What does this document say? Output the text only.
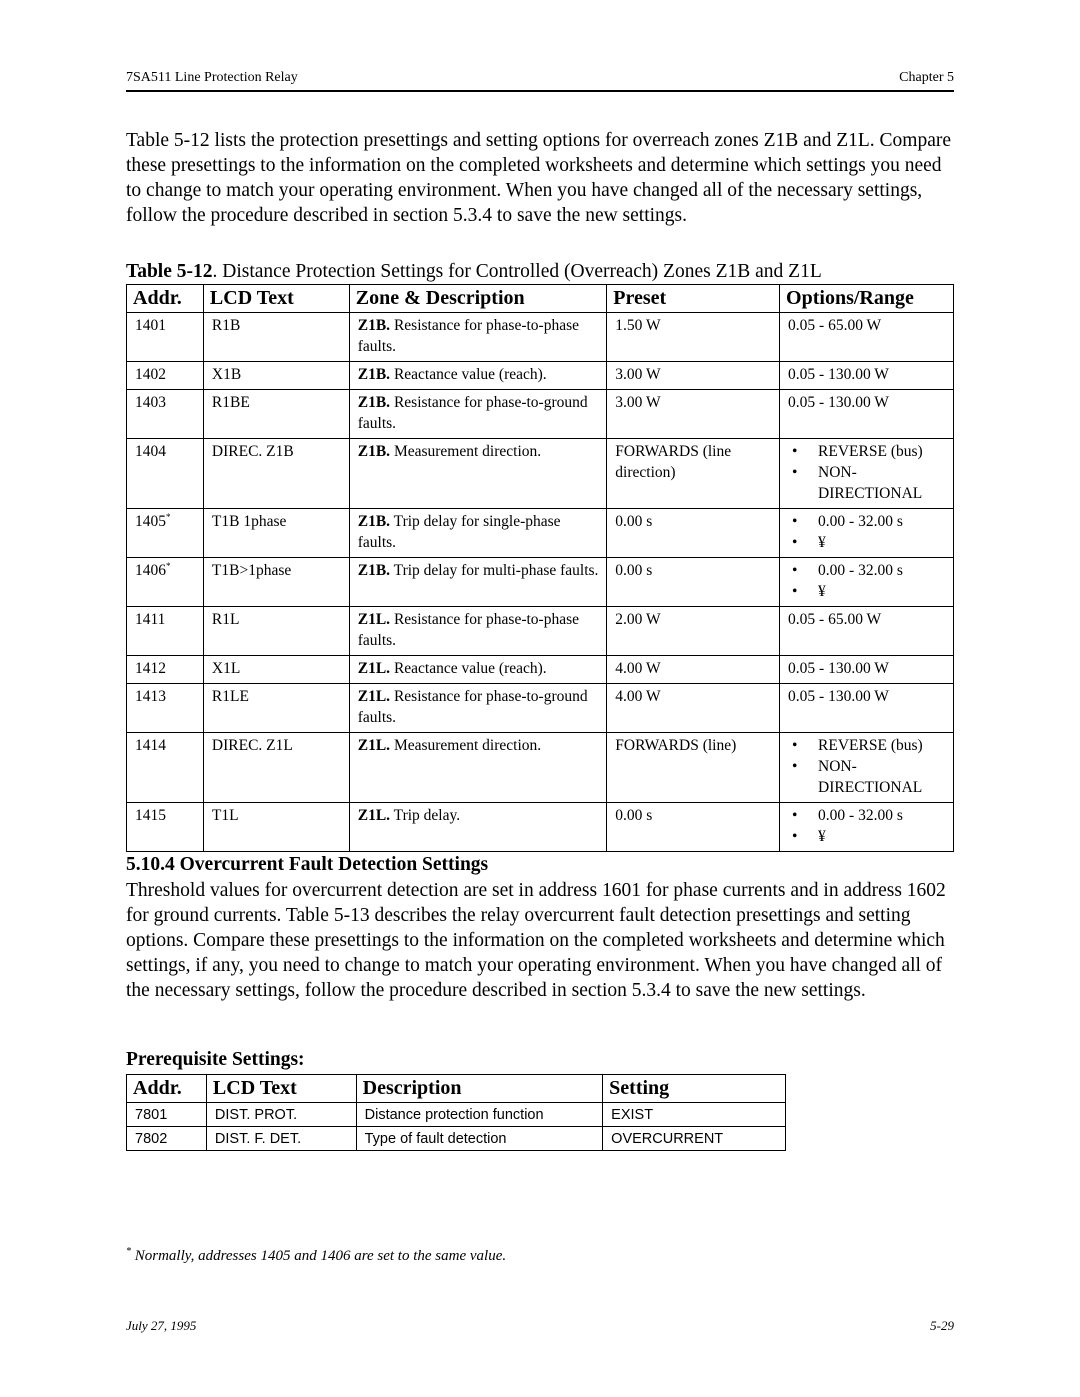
7SA511 Line Protection Relay	Chapter 5
Table 5-12 lists the protection presettings and setting options for overreach zones Z1B and Z1L. Compare these presettings to the information on the completed worksheets and determine which settings you need to change to match your operating environment. When you have changed all of the necessary settings, follow the procedure described in section 5.3.4 to save the new settings.
Table 5-12. Distance Protection Settings for Controlled (Overreach) Zones Z1B and Z1L
Addr.	LCD Text	Zone & Description	Preset	Options/Range
1401	R1B	Z1B. Resistance for phase-to-phase faults.	1.50 W	0.05 - 65.00 W

1402	X1B	Z1B. Reactance value (reach).	3.00 W	0.05 - 130.00 W

1403	R1BE	Z1B. Resistance for phase-to-ground faults.	3.00 W	0.05 - 130.00 W

1404	DIREC. Z1B	Z1B. Measurement direction.	FORWARDS (line direction)	• REVERSE (bus)
• NON-DIRECTIONAL

1405*	T1B 1phase	Z1B. Trip delay for single-phase faults.	0.00 s	• 0.00 - 32.00 s
• ¥

1406*	T1B>1phase	Z1B. Trip delay for multi-phase faults.	0.00 s	• 0.00 - 32.00 s
• ¥

1411	R1L	Z1L. Resistance for phase-to-phase faults.	2.00 W	0.05 - 65.00 W

1412	X1L	Z1L. Reactance value (reach).	4.00 W	0.05 - 130.00 W

1413	R1LE	Z1L. Resistance for phase-to-ground faults.	4.00 W	0.05 - 130.00 W

1414	DIREC. Z1L	Z1L. Measurement direction.	FORWARDS (line)	• REVERSE (bus)
• NON-DIRECTIONAL

1415	T1L	Z1L. Trip delay.	0.00 s	• 0.00 - 32.00 s
• ¥
5.10.4 Overcurrent Fault Detection Settings
Threshold values for overcurrent detection are set in address 1601 for phase currents and in address 1602 for ground currents. Table 5-13 describes the relay overcurrent fault detection presettings and setting options. Compare these presettings to the information on the completed worksheets and determine which settings, if any, you need to change to match your operating environment. When you have changed all of the necessary settings, follow the procedure described in section 5.3.4 to save the new settings.
Prerequisite Settings:
Addr.	LCD Text	Description	Setting
7801	DIST. PROT.	Distance protection function	EXIST
7802	DIST. F. DET.	Type of fault detection	OVERCURRENT
* Normally, addresses 1405 and 1406 are set to the same value.
July 27, 1995	5-29
